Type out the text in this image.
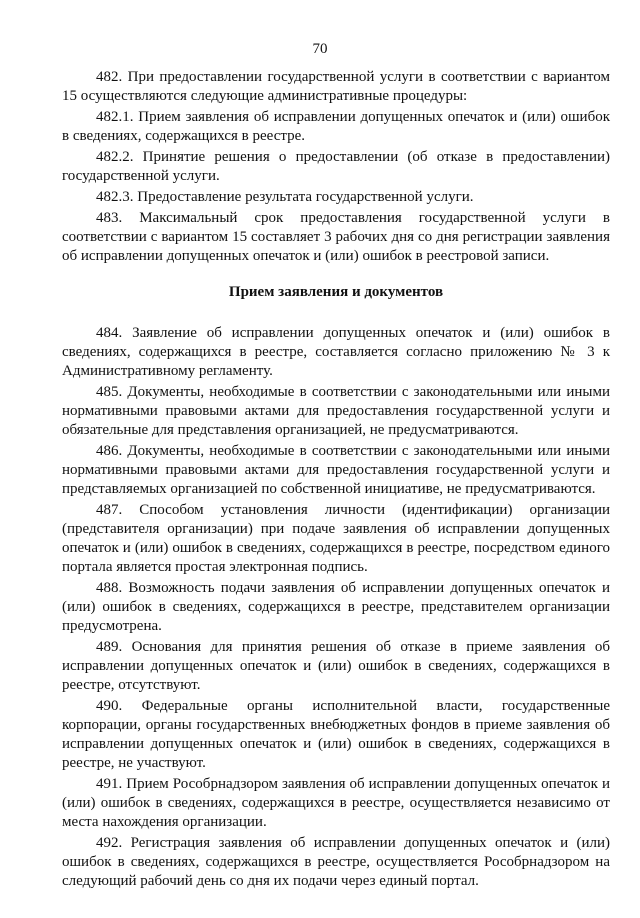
70

482. При предоставлении государственной услуги в соответствии с вариантом 15 осуществляются следующие административные процедуры:

482.1. Прием заявления об исправлении допущенных опечаток и (или) ошибок в сведениях, содержащихся в реестре.

482.2. Принятие решения о предоставлении (об отказе в предоставлении) государственной услуги.

482.3. Предоставление результата государственной услуги.

483. Максимальный срок предоставления государственной услуги в соответствии с вариантом 15 составляет 3 рабочих дня со дня регистрации заявления об исправлении допущенных опечаток и (или) ошибок в реестровой записи.

Прием заявления и документов

484. Заявление об исправлении допущенных опечаток и (или) ошибок в сведениях, содержащихся в реестре, составляется согласно приложению № 3 к Административному регламенту.

485. Документы, необходимые в соответствии с законодательными или иными нормативными правовыми актами для предоставления государственной услуги и обязательные для представления организацией, не предусматриваются.

486. Документы, необходимые в соответствии с законодательными или иными нормативными правовыми актами для предоставления государственной услуги и представляемых организацией по собственной инициативе, не предусматриваются.

487. Способом установления личности (идентификации) организации (представителя организации) при подаче заявления об исправлении допущенных опечаток и (или) ошибок в сведениях, содержащихся в реестре, посредством единого портала является простая электронная подпись.

488. Возможность подачи заявления об исправлении допущенных опечаток и (или) ошибок в сведениях, содержащихся в реестре, представителем организации предусмотрена.

489. Основания для принятия решения об отказе в приеме заявления об исправлении допущенных опечаток и (или) ошибок в сведениях, содержащихся в реестре, отсутствуют.

490. Федеральные органы исполнительной власти, государственные корпорации, органы государственных внебюджетных фондов в приеме заявления об исправлении допущенных опечаток и (или) ошибок в сведениях, содержащихся в реестре, не участвуют.

491. Прием Рособрнадзором заявления об исправлении допущенных опечаток и (или) ошибок в сведениях, содержащихся в реестре, осуществляется независимо от места нахождения организации.

492. Регистрация заявления об исправлении допущенных опечаток и (или) ошибок в сведениях, содержащихся в реестре, осуществляется Рособрнадзором на следующий рабочий день со дня их подачи через единый портал.
